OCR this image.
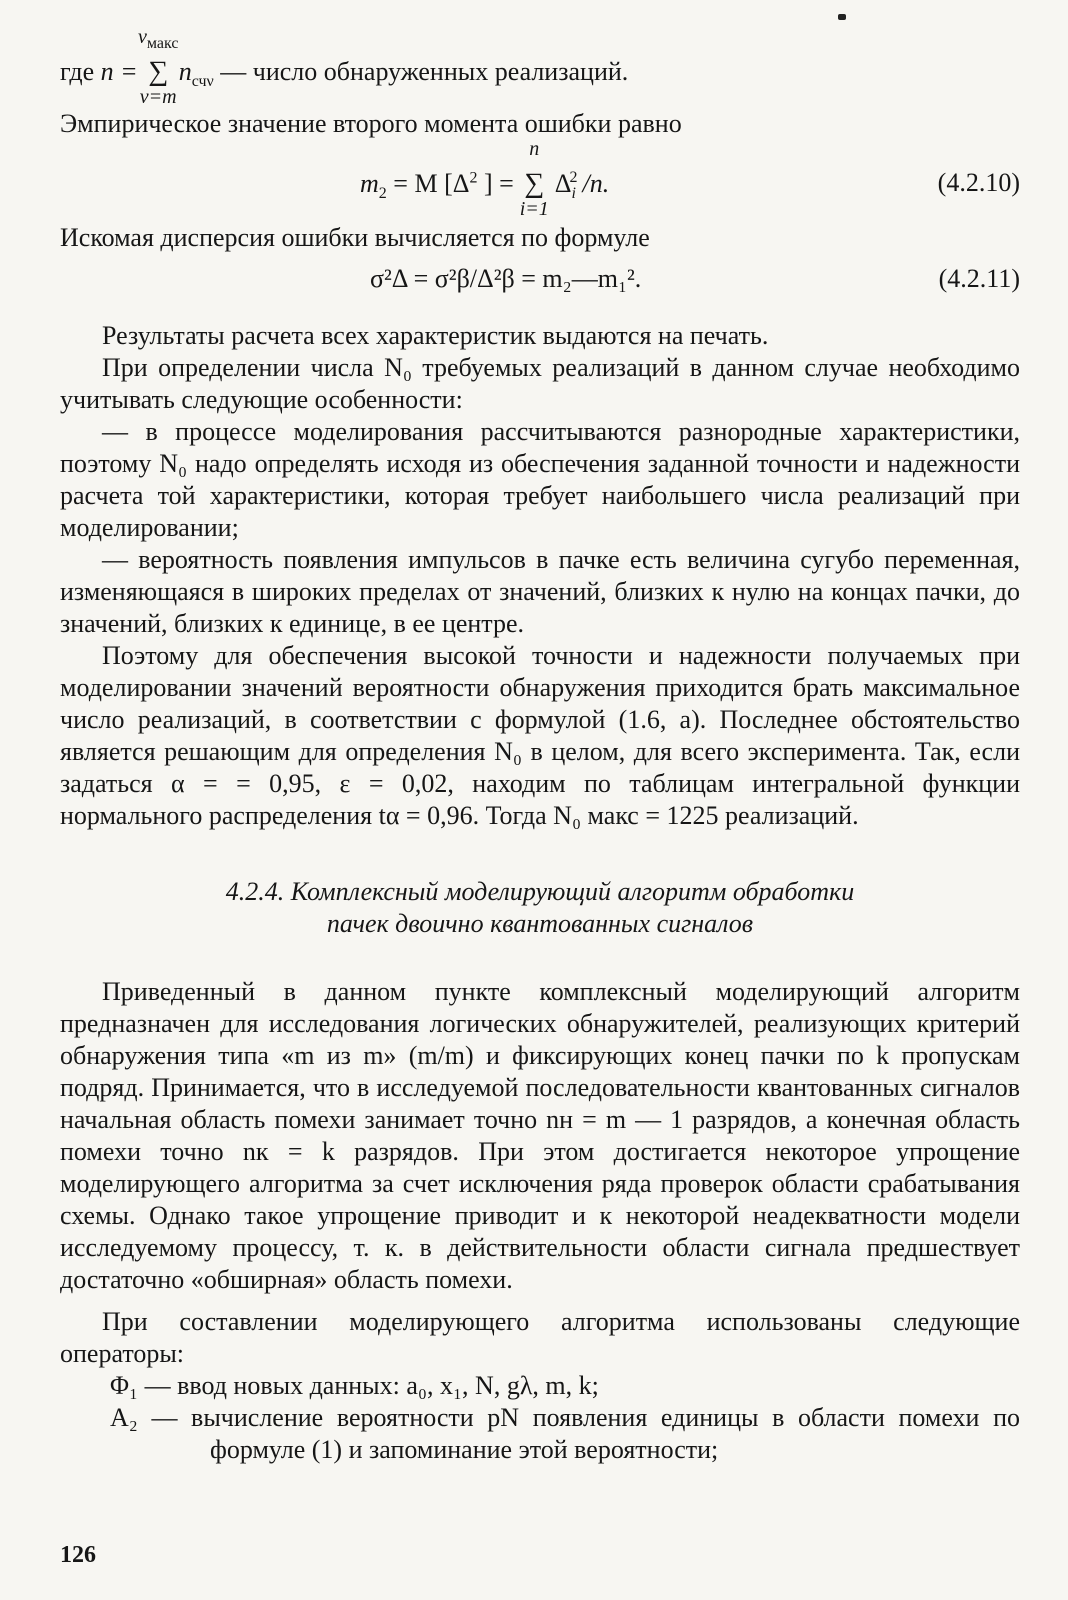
где n =
$\nu_{макс}$
∑
ν=m
$n_{сч\nu}$ — число обнаруженных реализаций.

Эмпирическое значение второго момента ошибки равно

$m_2 = M$ [$\Delta^2$ ] =
n
∑
i=1
$\Delta^2_i$ /n.	(4.2.10)

Искомая дисперсия ошибки вычисляется по формуле

σ²Δ = σ²β/Δ²β = m₂—m₁².	(4.2.11)

Результаты расчета всех характеристик выдаются на печать.

При определении числа N₀ требуемых реализаций в данном случае необходимо учитывать следующие особенности:

— в процессе моделирования рассчитываются разнородные характеристики, поэтому N₀ надо определять исходя из обеспечения заданной точности и надежности расчета той характеристики, которая требует наибольшего числа реализаций при моделировании;

— вероятность появления импульсов в пачке есть величина сугубо переменная, изменяющаяся в широких пределах от значений, близких к нулю на концах пачки, до значений, близких к единице, в ее центре.

Поэтому для обеспечения высокой точности и надежности получаемых при моделировании значений вероятности обнаружения приходится брать максимальное число реализаций, в соответствии с формулой (1.6, а). Последнее обстоятельство является решающим для определения N₀ в целом, для всего эксперимента. Так, если задаться α = = 0,95, ε = 0,02, находим по таблицам интегральной функции нормального распределения tα = 0,96. Тогда N₀ макс = 1225 реализаций.

4.2.4. Комплексный моделирующий алгоритм обработки
пачек двоично квантованных сигналов

Приведенный в данном пункте комплексный моделирующий алгоритм предназначен для исследования логических обнаружителей, реализующих критерий обнаружения типа «m из m» (m/m) и фиксирующих конец пачки по k пропускам подряд. Принимается, что в исследуемой последовательности квантованных сигналов начальная область помехи занимает точно nн = m — 1 разрядов, а конечная область помехи точно nк = k разрядов. При этом достигается некоторое упрощение моделирующего алгоритма за счет исключения ряда проверок области срабатывания схемы. Однако такое упрощение приводит и к некоторой неадекватности модели исследуемому процессу, т. к. в действительности области сигнала предшествует достаточно «обширная» область помехи.

При составлении моделирующего алгоритма использованы следующие операторы:

Φ₁ — ввод новых данных: a₀, x₁, N, gλ, m, k;

A₂ — вычисление вероятности pN появления единицы в области помехи по формуле (1) и запоминание этой вероятности;

126
